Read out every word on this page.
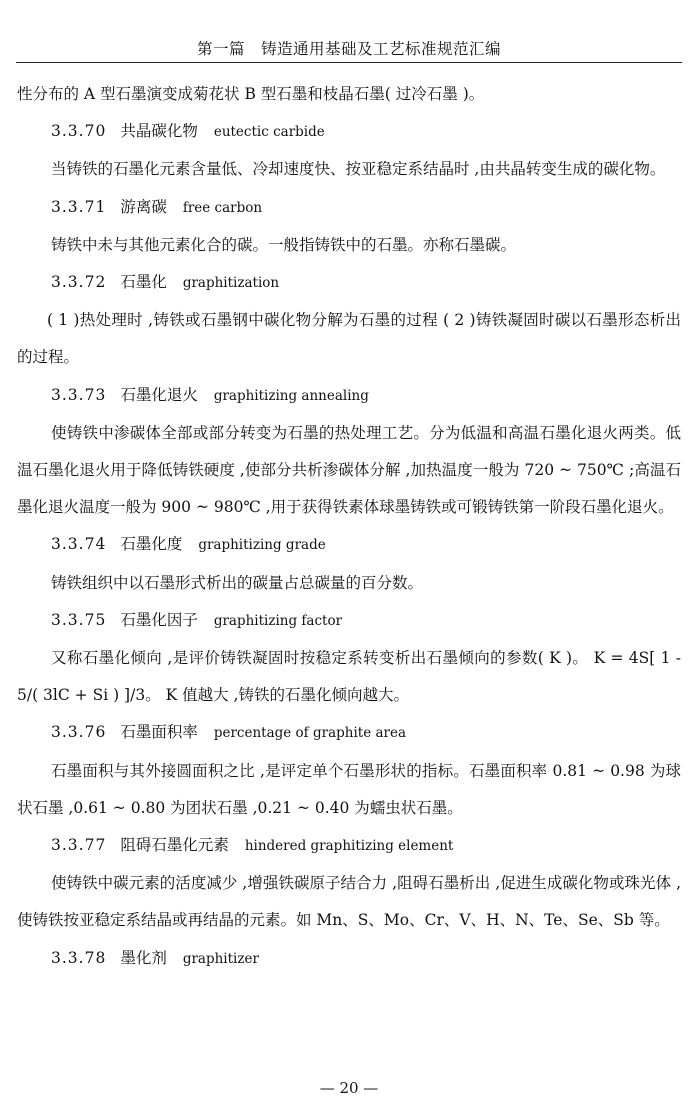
第一篇　铸造通用基础及工艺标准规范汇编

性分布的 A 型石墨演变成菊花状 B 型石墨和枝晶石墨( 过冷石墨 )。

3.3.70 共晶碳化物 eutectic carbide

当铸铁的石墨化元素含量低、冷却速度快、按亚稳定系结晶时 ,由共晶转变生成的碳化物。

3.3.71 游离碳 free carbon

铸铁中未与其他元素化合的碳。一般指铸铁中的石墨。亦称石墨碳。

3.3.72 石墨化 graphitization

( 1 )热处理时 ,铸铁或石墨钢中碳化物分解为石墨的过程 ( 2 )铸铁凝固时碳以石墨形态析出的过程。

3.3.73 石墨化退火 graphitizing annealing

使铸铁中渗碳体全部或部分转变为石墨的热处理工艺。分为低温和高温石墨化退火两类。低温石墨化退火用于降低铸铁硬度 ,使部分共析渗碳体分解 ,加热温度一般为 720 ~ 750℃ ;高温石墨化退火温度一般为 900 ~ 980℃ ,用于获得铁素体球墨铸铁或可锻铸铁第一阶段石墨化退火。

3.3.74 石墨化度 graphitizing grade

铸铁组织中以石墨形式析出的碳量占总碳量的百分数。

3.3.75 石墨化因子 graphitizing factor

又称石墨化倾向 ,是评价铸铁凝固时按稳定系转变析出石墨倾向的参数( K )。 K = 4S[ 1 - 5/( 3lC + Si ) ]/3。 K 值越大 ,铸铁的石墨化倾向越大。

3.3.76 石墨面积率 percentage of graphite area

石墨面积与其外接圆面积之比 ,是评定单个石墨形状的指标。石墨面积率 0.81 ~ 0.98 为球状石墨 ,0.61 ~ 0.80 为团状石墨 ,0.21 ~ 0.40 为蠕虫状石墨。

3.3.77 阻碍石墨化元素 hindered graphitizing element

使铸铁中碳元素的活度减少 ,增强铁碳原子结合力 ,阻碍石墨析出 ,促进生成碳化物或珠光体 ,使铸铁按亚稳定系结晶或再结晶的元素。如 Mn、S、Mo、Cr、V、H、N、Te、Se、Sb 等。

3.3.78 墨化剂 graphitizer
— 20 —
